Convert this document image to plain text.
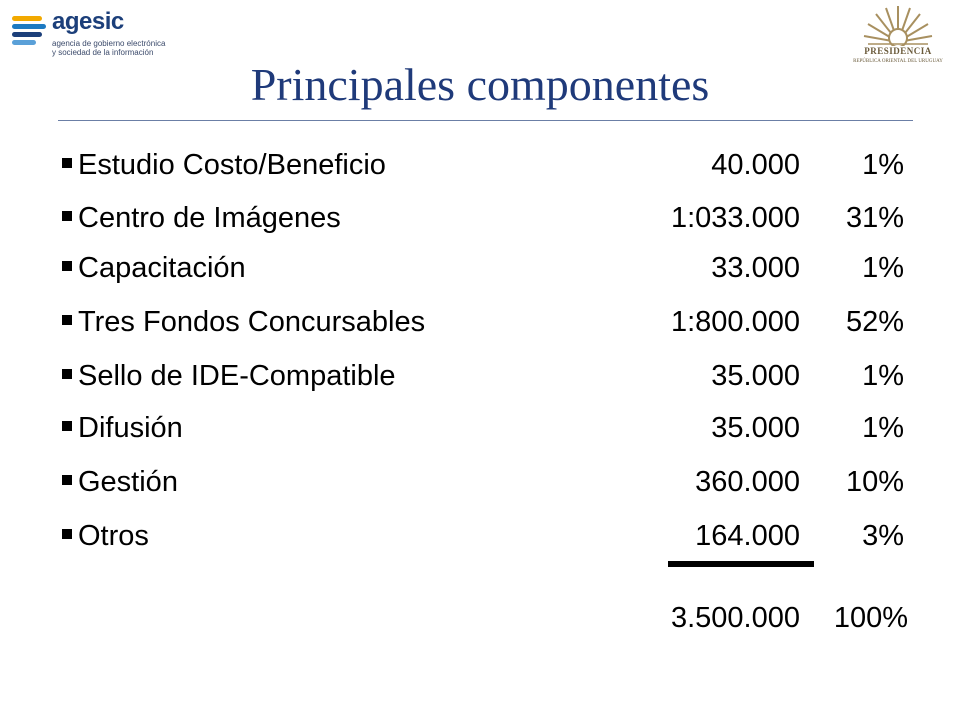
agesic
agencia de gobierno electrónica
y sociedad de la información	PRESIDENCIA
REPÚBLICA ORIENTAL DEL URUGUAY
Principales componentes
Estudio Costo/Beneficio	40.000 1%
Centro de Imágenes	1:033.000 31%
Capacitación	33.000 1%
Tres Fondos Concursables	1:800.000 52%
Sello de IDE-Compatible	35.000 1%
Difusión	35.000 1%
Gestión	360.000 10%
Otros	164.000 3%
3.500.000 100%
